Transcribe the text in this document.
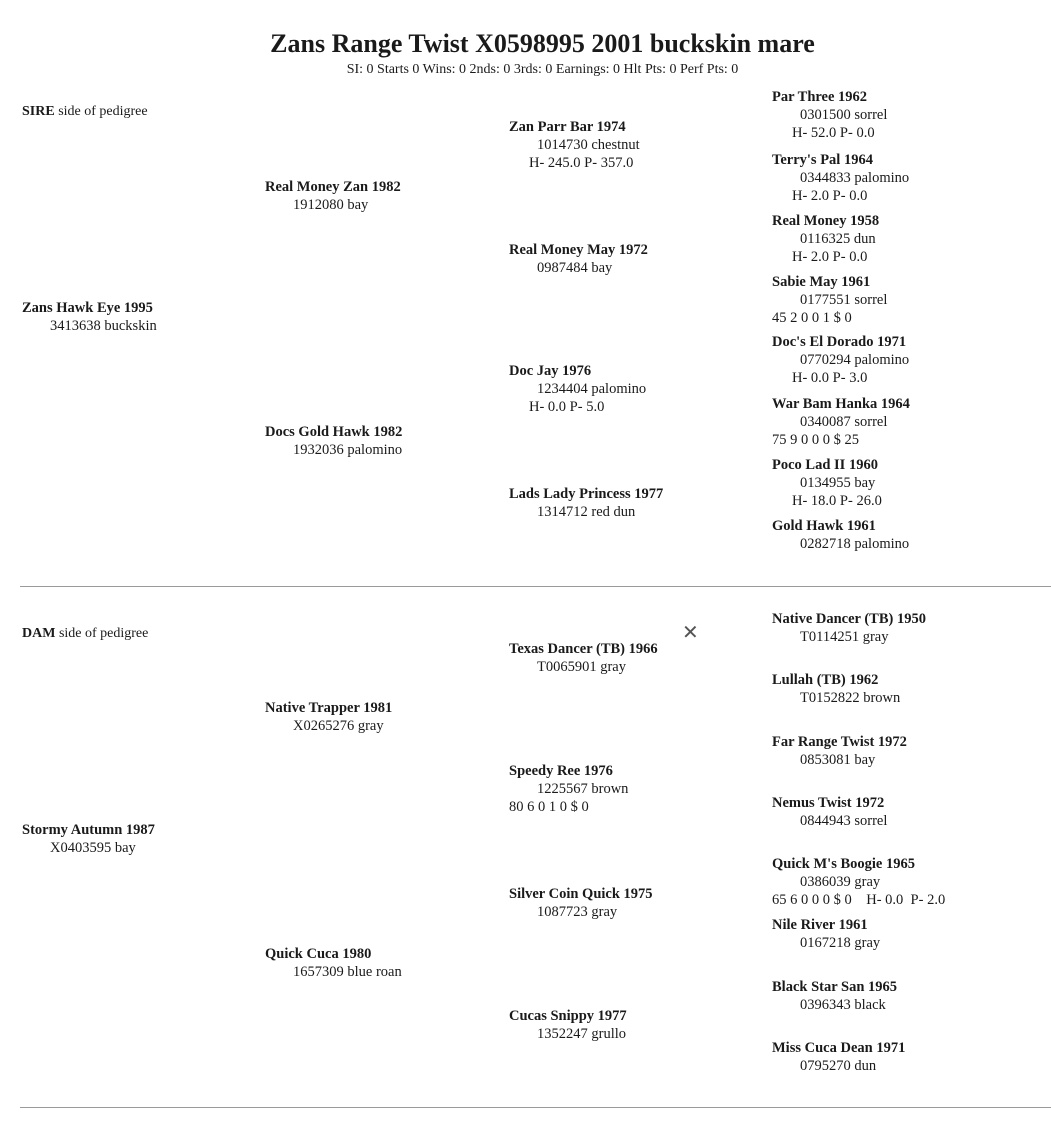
Zans Range Twist X0598995 2001 buckskin mare
SI: 0 Starts 0 Wins: 0 2nds: 0 3rds: 0 Earnings: 0 Hlt Pts: 0 Perf Pts: 0
SIRE side of pedigree
Zans Hawk Eye 1995
3413638 buckskin
Real Money Zan 1982
1912080 bay
Docs Gold Hawk 1982
1932036 palomino
Zan Parr Bar 1974
1014730 chestnut
H- 245.0 P- 357.0
Real Money May 1972
0987484 bay
Doc Jay 1976
1234404 palomino
H- 0.0 P- 5.0
Lads Lady Princess 1977
1314712 red dun
Par Three 1962
0301500 sorrel
H- 52.0 P- 0.0
Terry's Pal 1964
0344833 palomino
H- 2.0 P- 0.0
Real Money 1958
0116325 dun
H- 2.0 P- 0.0
Sabie May 1961
0177551 sorrel
45 2 0 0 1 $ 0
Doc's El Dorado 1971
0770294 palomino
H- 0.0 P- 3.0
War Bam Hanka 1964
0340087 sorrel
75 9 0 0 0 $ 25
Poco Lad II 1960
0134955 bay
H- 18.0 P- 26.0
Gold Hawk 1961
0282718 palomino
DAM side of pedigree
Stormy Autumn 1987
X0403595 bay
Native Trapper 1981
X0265276 gray
Quick Cuca 1980
1657309 blue roan
Texas Dancer (TB) 1966
T0065901 gray
✕
Speedy Ree 1976
1225567 brown
80 6 0 1 0 $ 0
Silver Coin Quick 1975
1087723 gray
Cucas Snippy 1977
1352247 grullo
Native Dancer (TB) 1950
T0114251 gray
Lullah (TB) 1962
T0152822 brown
Far Range Twist 1972
0853081 bay
Nemus Twist 1972
0844943 sorrel
Quick M's Boogie 1965
0386039 gray
65 6 0 0 0 $ 0    H- 0.0  P- 2.0
Nile River 1961
0167218 gray
Black Star San 1965
0396343 black
Miss Cuca Dean 1971
0795270 dun
